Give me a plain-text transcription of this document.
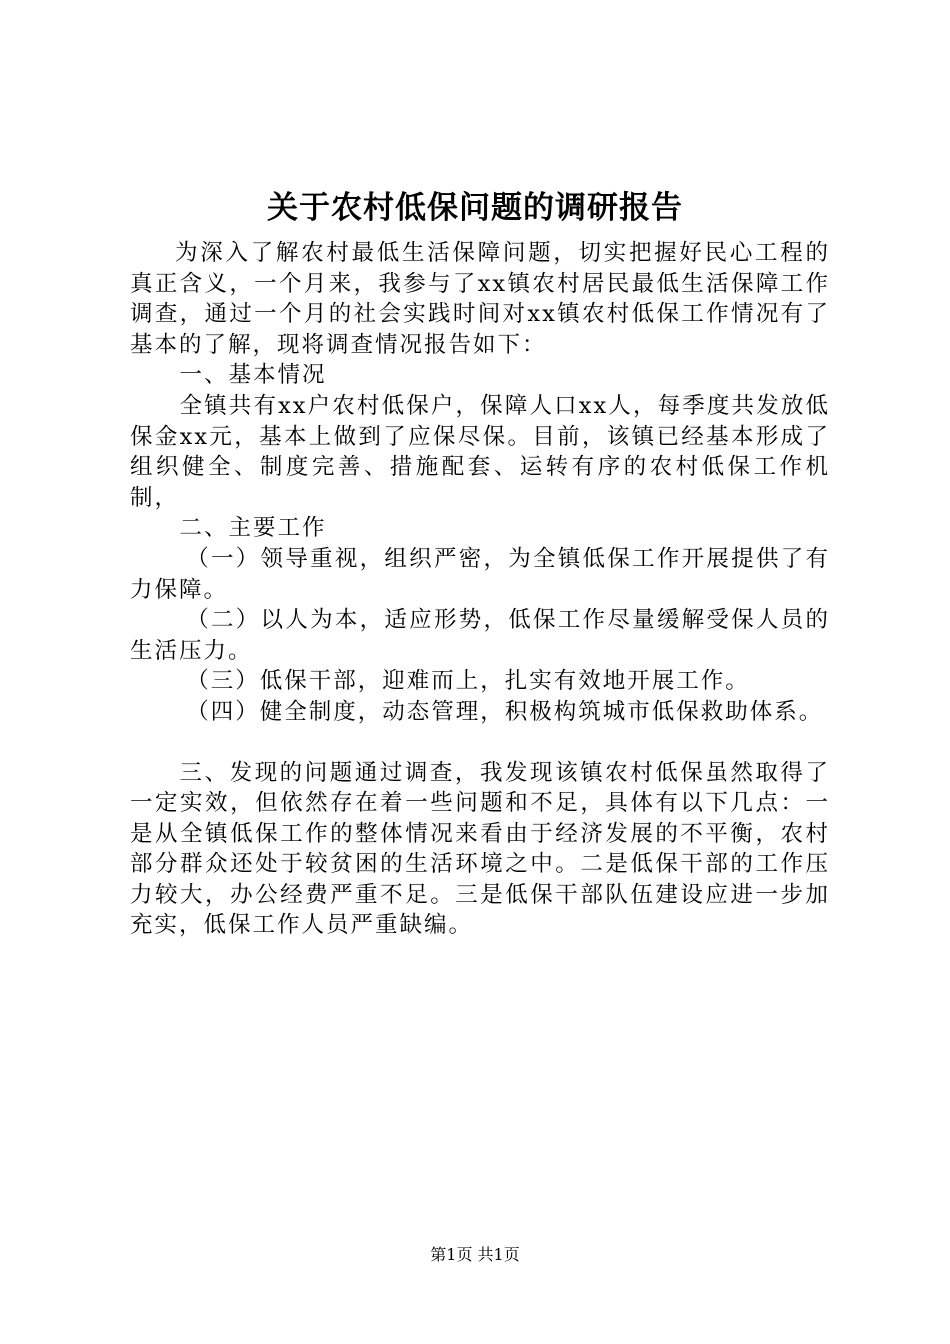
关于农村低保问题的调研报告

为深入了解农村最低生活保障问题，切实把握好民心工程的真正含义，一个月来，我参与了xx镇农村居民最低生活保障工作调查，通过一个月的社会实践时间对xx镇农村低保工作情况有了基本的了解，现将调查情况报告如下：

一、基本情况

全镇共有xx户农村低保户，保障人口xx人，每季度共发放低保金xx元，基本上做到了应保尽保。目前，该镇已经基本形成了组织健全、制度完善、措施配套、运转有序的农村低保工作机制，

二、主要工作

（一）领导重视，组织严密，为全镇低保工作开展提供了有力保障。

（二）以人为本，适应形势，低保工作尽量缓解受保人员的生活压力。

（三）低保干部，迎难而上，扎实有效地开展工作。

（四）健全制度，动态管理，积极构筑城市低保救助体系。

三、发现的问题通过调查，我发现该镇农村低保虽然取得了一定实效，但依然存在着一些问题和不足，具体有以下几点：一是从全镇低保工作的整体情况来看由于经济发展的不平衡，农村部分群众还处于较贫困的生活环境之中。二是低保干部的工作压力较大，办公经费严重不足。三是低保干部队伍建设应进一步加充实，低保工作人员严重缺编。

第1页 共1页
